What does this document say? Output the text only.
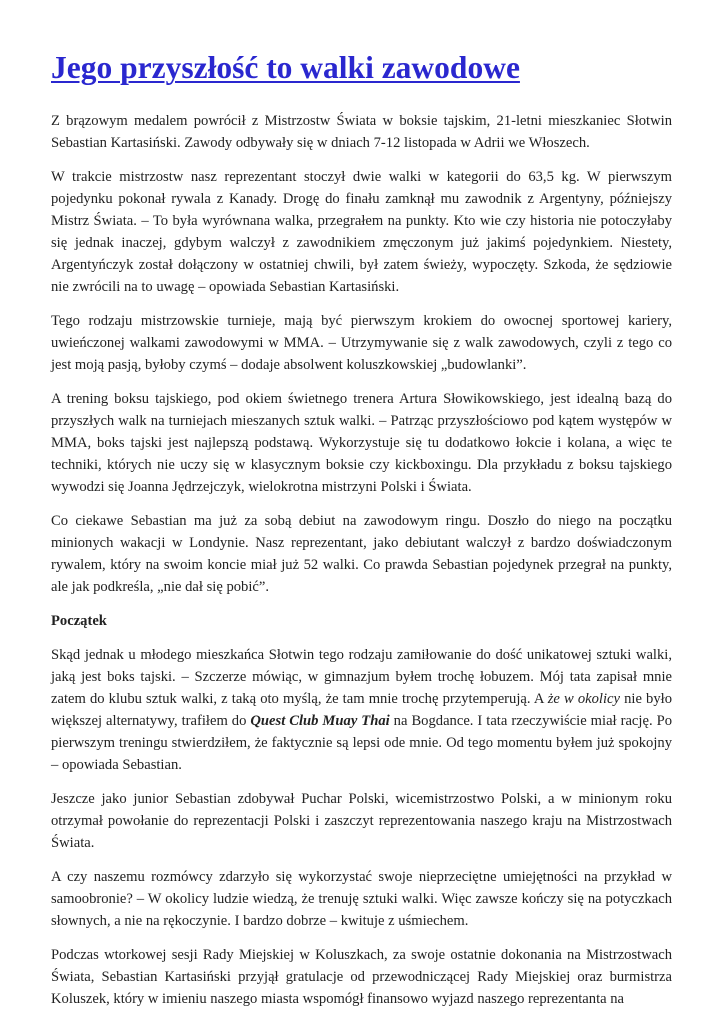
Jego przyszłość to walki zawodowe

Z brązowym medalem powrócił z Mistrzostw Świata w boksie tajskim, 21-letni mieszkaniec Słotwin Sebastian Kartasiński. Zawody odbywały się w dniach 7-12 listopada w Adrii we Włoszech.

W trakcie mistrzostw nasz reprezentant stoczył dwie walki w kategorii do 63,5 kg. W pierwszym pojedynku pokonał rywala z Kanady. Drogę do finału zamknął mu zawodnik z Argentyny, późniejszy Mistrz Świata. – To była wyrównana walka, przegrałem na punkty. Kto wie czy historia nie potoczyłaby się jednak inaczej, gdybym walczył z zawodnikiem zmęczonym już jakimś pojedynkiem. Niestety, Argentyńczyk został dołączony w ostatniej chwili, był zatem świeży, wypoczęty. Szkoda, że sędziowie nie zwrócili na to uwagę – opowiada Sebastian Kartasiński.

Tego rodzaju mistrzowskie turnieje, mają być pierwszym krokiem do owocnej sportowej kariery, uwieńczonej walkami zawodowymi w MMA. – Utrzymywanie się z walk zawodowych, czyli z tego co jest moją pasją, byłoby czymś – dodaje absolwent koluszkowskiej „budowlanki”.

A trening boksu tajskiego, pod okiem świetnego trenera Artura Słowikowskiego, jest idealną bazą do przyszłych walk na turniejach mieszanych sztuk walki. – Patrząc przyszłościowo pod kątem występów w MMA, boks tajski jest najlepszą podstawą. Wykorzystuje się tu dodatkowo łokcie i kolana, a więc te techniki, których nie uczy się w klasycznym boksie czy kickboxingu. Dla przykładu z boksu tajskiego wywodzi się Joanna Jędrzejczyk, wielokrotna mistrzyni Polski i Świata.

Co ciekawe Sebastian ma już za sobą debiut na zawodowym ringu. Doszło do niego na początku minionych wakacji w Londynie. Nasz reprezentant, jako debiutant walczył z bardzo doświadczonym rywalem, który na swoim koncie miał już 52 walki. Co prawda Sebastian pojedynek przegrał na punkty, ale jak podkreśla, „nie dał się pobić”.

Początek

Skąd jednak u młodego mieszkańca Słotwin tego rodzaju zamiłowanie do dość unikatowej sztuki walki, jaką jest boks tajski. – Szczerze mówiąc, w gimnazjum byłem trochę łobuzem. Mój tata zapisał mnie zatem do klubu sztuk walki, z taką oto myślą, że tam mnie trochę przytemperują. A że w okolicy nie było większej alternatywy, trafiłem do Quest Club Muay Thai na Bogdance. I tata rzeczywiście miał rację. Po pierwszym treningu stwierdziłem, że faktycznie są lepsi ode mnie. Od tego momentu byłem już spokojny – opowiada Sebastian.

Jeszcze jako junior Sebastian zdobywał Puchar Polski, wicemistrzostwo Polski, a w minionym roku otrzymał powołanie do reprezentacji Polski i zaszczyt reprezentowania naszego kraju na Mistrzostwach Świata.

A czy naszemu rozmówcy zdarzyło się wykorzystać swoje nieprzeciętne umiejętności na przykład w samoobronie? – W okolicy ludzie wiedzą, że trenuję sztuki walki. Więc zawsze kończy się na potyczkach słownych, a nie na rękoczynie. I bardzo dobrze – kwituje z uśmiechem.

Podczas wtorkowej sesji Rady Miejskiej w Koluszkach, za swoje ostatnie dokonania na Mistrzostwach Świata, Sebastian Kartasiński przyjął gratulacje od przewodniczącej Rady Miejskiej oraz burmistrza Koluszek, który w imieniu naszego miasta wspomógł finansowo wyjazd naszego reprezentanta na
